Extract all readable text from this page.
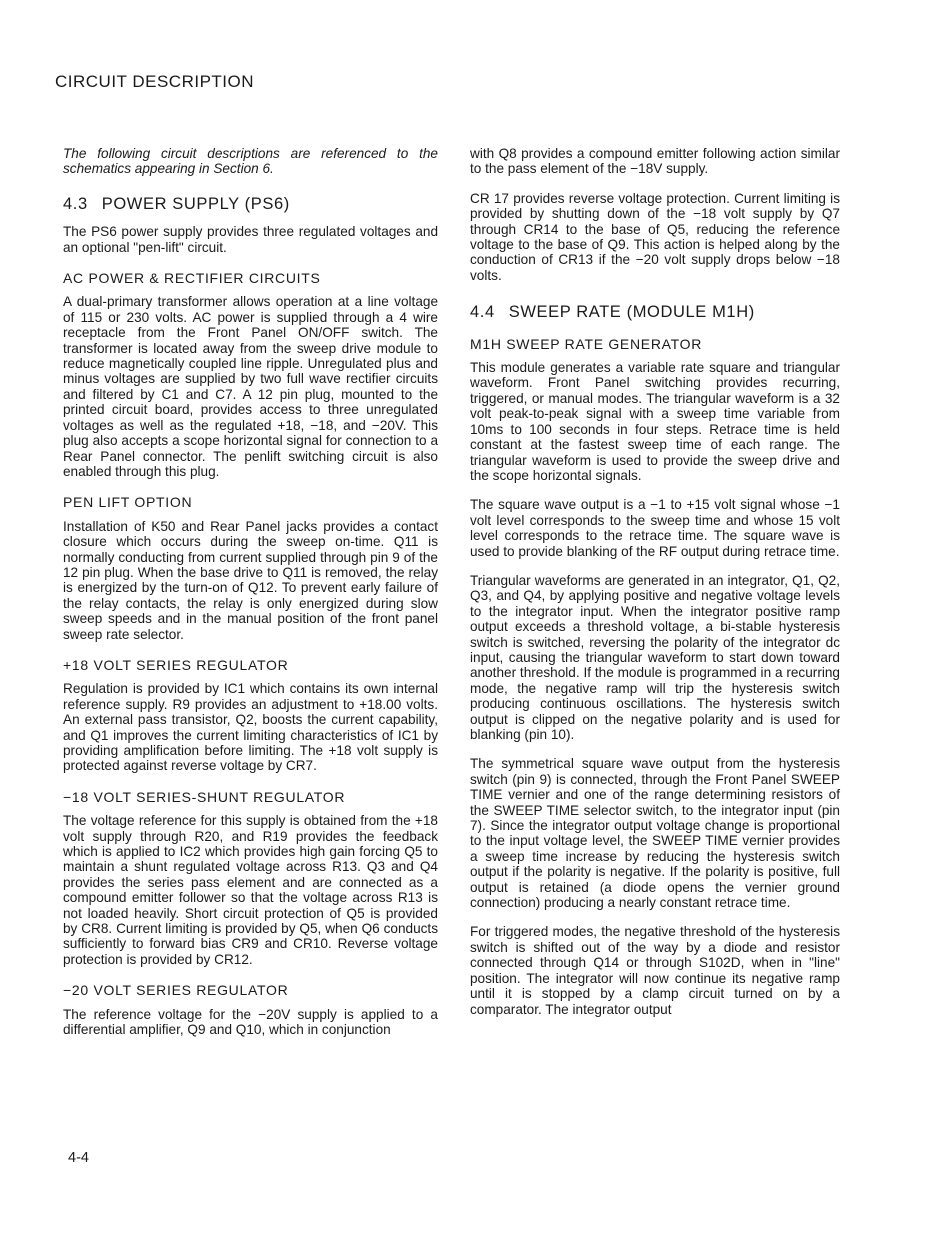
CIRCUIT DESCRIPTION

The following circuit descriptions are referenced to the schematics appearing in Section 6.

4.3 POWER SUPPLY (PS6)

The PS6 power supply provides three regulated voltages and an optional "pen-lift" circuit.

AC POWER & RECTIFIER CIRCUITS

A dual-primary transformer allows operation at a line voltage of 115 or 230 volts. AC power is supplied through a 4 wire receptacle from the Front Panel ON/OFF switch. The transformer is located away from the sweep drive module to reduce magnetically coupled line ripple. Unregulated plus and minus voltages are supplied by two full wave rectifier circuits and filtered by C1 and C7. A 12 pin plug, mounted to the printed circuit board, provides access to three unregulated voltages as well as the regulated +18, −18, and −20V. This plug also accepts a scope horizontal signal for connection to a Rear Panel connector. The penlift switching circuit is also enabled through this plug.

PEN LIFT OPTION

Installation of K50 and Rear Panel jacks provides a contact closure which occurs during the sweep on-time. Q11 is normally conducting from current supplied through pin 9 of the 12 pin plug. When the base drive to Q11 is removed, the relay is energized by the turn-on of Q12. To prevent early failure of the relay contacts, the relay is only energized during slow sweep speeds and in the manual position of the front panel sweep rate selector.

+18 VOLT SERIES REGULATOR

Regulation is provided by IC1 which contains its own internal reference supply. R9 provides an adjustment to +18.00 volts. An external pass transistor, Q2, boosts the current capability, and Q1 improves the current limiting characteristics of IC1 by providing amplification before limiting. The +18 volt supply is protected against reverse voltage by CR7.

−18 VOLT SERIES-SHUNT REGULATOR

The voltage reference for this supply is obtained from the +18 volt supply through R20, and R19 provides the feedback which is applied to IC2 which provides high gain forcing Q5 to maintain a shunt regulated voltage across R13. Q3 and Q4 provides the series pass element and are connected as a compound emitter follower so that the voltage across R13 is not loaded heavily. Short circuit protection of Q5 is provided by CR8. Current limiting is provided by Q5, when Q6 conducts sufficiently to forward bias CR9 and CR10. Reverse voltage protection is provided by CR12.

−20 VOLT SERIES REGULATOR

The reference voltage for the −20V supply is applied to a differential amplifier, Q9 and Q10, which in conjunction

with Q8 provides a compound emitter following action similar to the pass element of the −18V supply.

CR 17 provides reverse voltage protection. Current limiting is provided by shutting down of the −18 volt supply by Q7 through CR14 to the base of Q5, reducing the reference voltage to the base of Q9. This action is helped along by the conduction of CR13 if the −20 volt supply drops below −18 volts.

4.4 SWEEP RATE (MODULE M1H)
M1H SWEEP RATE GENERATOR

This module generates a variable rate square and triangular waveform. Front Panel switching provides recurring, triggered, or manual modes. The triangular waveform is a 32 volt peak-to-peak signal with a sweep time variable from 10ms to 100 seconds in four steps. Retrace time is held constant at the fastest sweep time of each range. The triangular waveform is used to provide the sweep drive and the scope horizontal signals.

The square wave output is a −1 to +15 volt signal whose −1 volt level corresponds to the sweep time and whose 15 volt level corresponds to the retrace time. The square wave is used to provide blanking of the RF output during retrace time.

Triangular waveforms are generated in an integrator, Q1, Q2, Q3, and Q4, by applying positive and negative voltage levels to the integrator input. When the integrator positive ramp output exceeds a threshold voltage, a bi-stable hysteresis switch is switched, reversing the polarity of the integrator dc input, causing the triangular waveform to start down toward another threshold. If the module is programmed in a recurring mode, the negative ramp will trip the hysteresis switch producing continuous oscillations. The hysteresis switch output is clipped on the negative polarity and is used for blanking (pin 10).

The symmetrical square wave output from the hysteresis switch (pin 9) is connected, through the Front Panel SWEEP TIME vernier and one of the range determining resistors of the SWEEP TIME selector switch, to the integrator input (pin 7). Since the integrator output voltage change is proportional to the input voltage level, the SWEEP TIME vernier provides a sweep time increase by reducing the hysteresis switch output if the polarity is negative. If the polarity is positive, full output is retained (a diode opens the vernier ground connection) producing a nearly constant retrace time.

For triggered modes, the negative threshold of the hysteresis switch is shifted out of the way by a diode and resistor connected through Q14 or through S102D, when in "line" position. The integrator will now continue its negative ramp until it is stopped by a clamp circuit turned on by a comparator. The integrator output

4-4
